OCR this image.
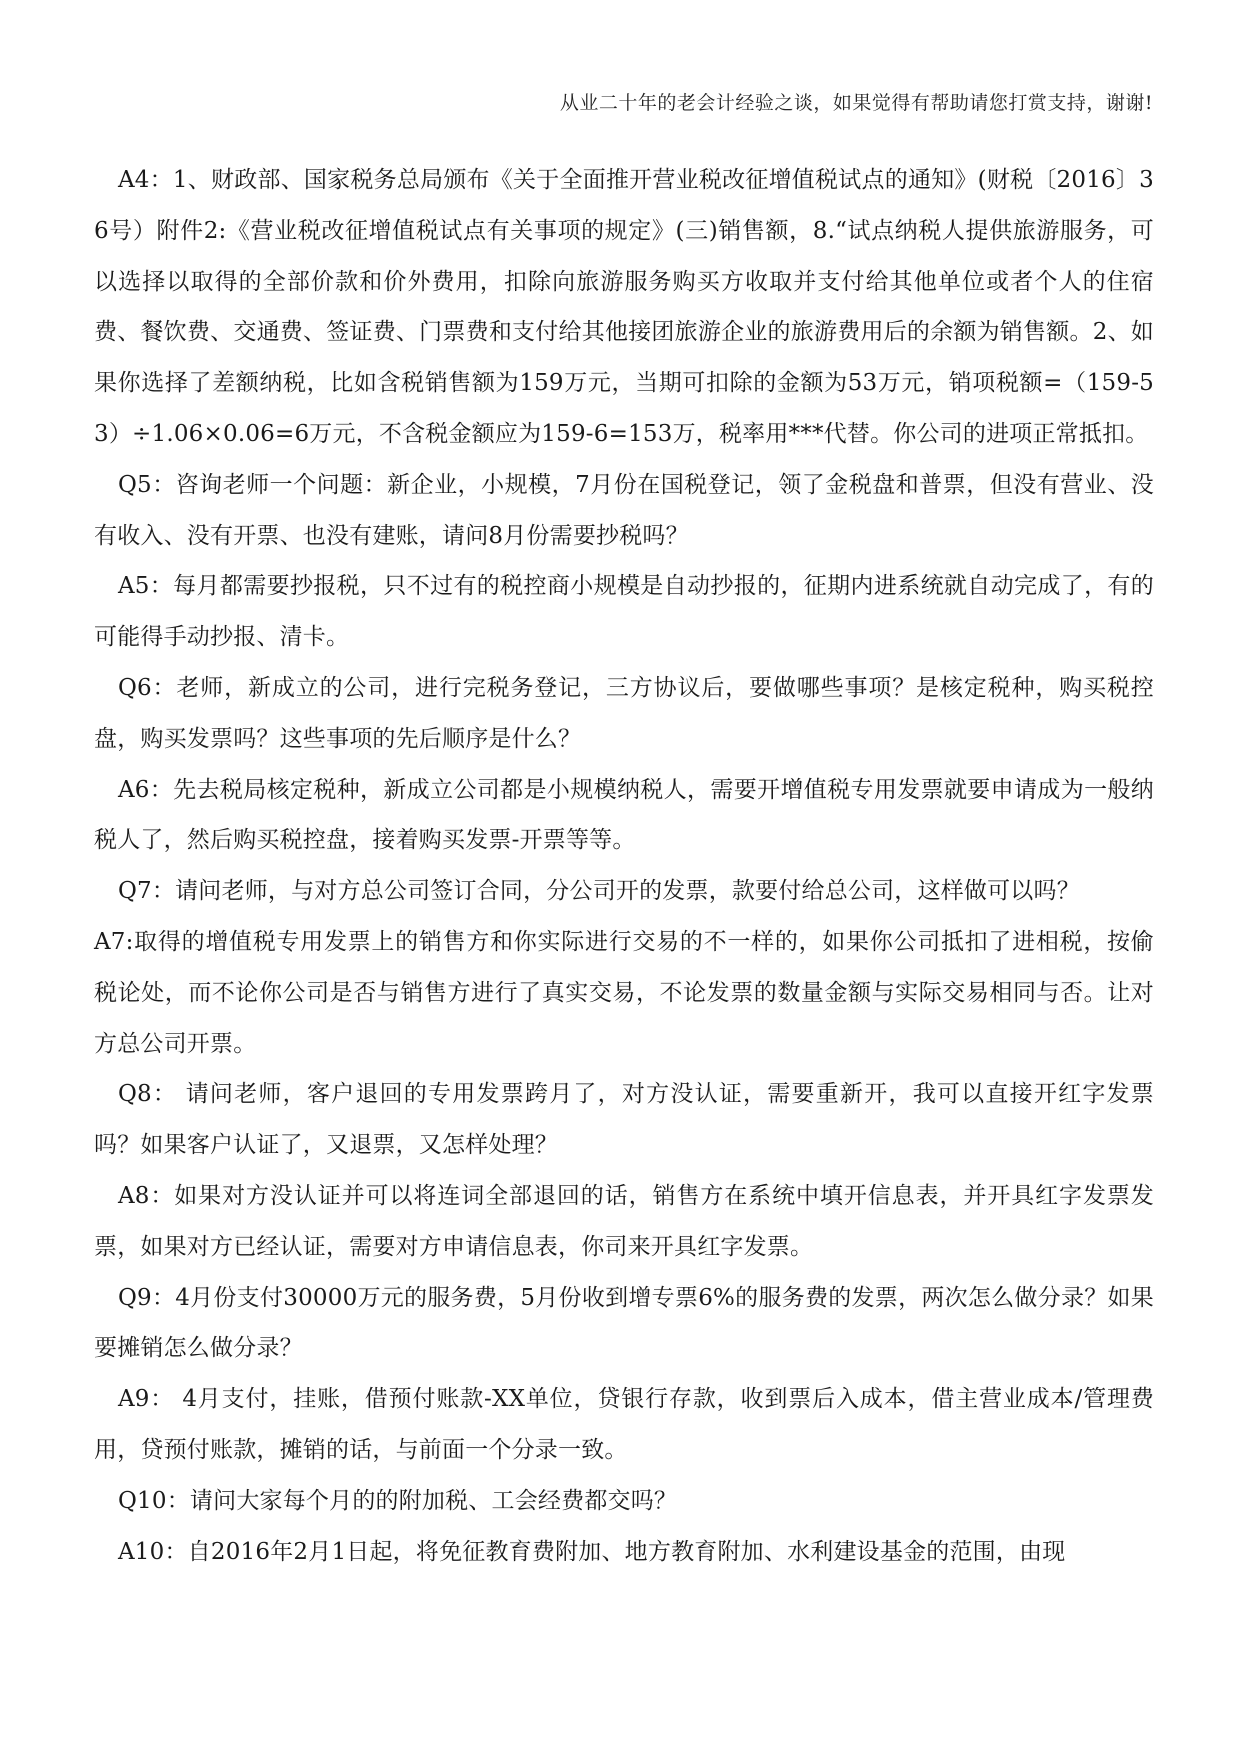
从业二十年的老会计经验之谈，如果觉得有帮助请您打赏支持，谢谢!

A4：1、财政部、国家税务总局颁布《关于全面推开营业税改征增值税试点的通知》(财税〔2016〕36号）附件2:《营业税改征增值税试点有关事项的规定》(三)销售额，8.“试点纳税人提供旅游服务，可以选择以取得的全部价款和价外费用，扣除向旅游服务购买方收取并支付给其他单位或者个人的住宿费、餐饮费、交通费、签证费、门票费和支付给其他接团旅游企业的旅游费用后的余额为销售额。2、如果你选择了差额纳税，比如含税销售额为159万元，当期可扣除的金额为53万元，销项税额=（159-53）÷1.06×0.06=6万元，不含税金额应为159-6=153万，税率用***代替。你公司的进项正常抵扣。

Q5：咨询老师一个问题：新企业，小规模，7月份在国税登记，领了金税盘和普票，但没有营业、没有收入、没有开票、也没有建账，请问8月份需要抄税吗？

A5：每月都需要抄报税，只不过有的税控商小规模是自动抄报的，征期内进系统就自动完成了，有的可能得手动抄报、清卡。

Q6：老师，新成立的公司，进行完税务登记，三方协议后，要做哪些事项？是核定税种，购买税控盘，购买发票吗？这些事项的先后顺序是什么？

A6：先去税局核定税种，新成立公司都是小规模纳税人，需要开增值税专用发票就要申请成为一般纳税人了，然后购买税控盘，接着购买发票-开票等等。

Q7：请问老师，与对方总公司签订合同，分公司开的发票，款要付给总公司，这样做可以吗？

A7:取得的增值税专用发票上的销售方和你实际进行交易的不一样的，如果你公司抵扣了进相税，按偷税论处，而不论你公司是否与销售方进行了真实交易，不论发票的数量金额与实际交易相同与否。让对方总公司开票。

Q8： 请问老师，客户退回的专用发票跨月了，对方没认证，需要重新开，我可以直接开红字发票吗？如果客户认证了，又退票，又怎样处理？

A8：如果对方没认证并可以将连词全部退回的话，销售方在系统中填开信息表，并开具红字发票发票，如果对方已经认证，需要对方申请信息表，你司来开具红字发票。

Q9：4月份支付30000万元的服务费，5月份收到增专票6%的服务费的发票，两次怎么做分录？如果要摊销怎么做分录？

A9： 4月支付，挂账，借预付账款-XX单位，贷银行存款，收到票后入成本，借主营业成本/管理费用，贷预付账款，摊销的话，与前面一个分录一致。

Q10：请问大家每个月的的附加税、工会经费都交吗？

A10：自2016年2月1日起，将免征教育费附加、地方教育附加、水利建设基金的范围，由现
